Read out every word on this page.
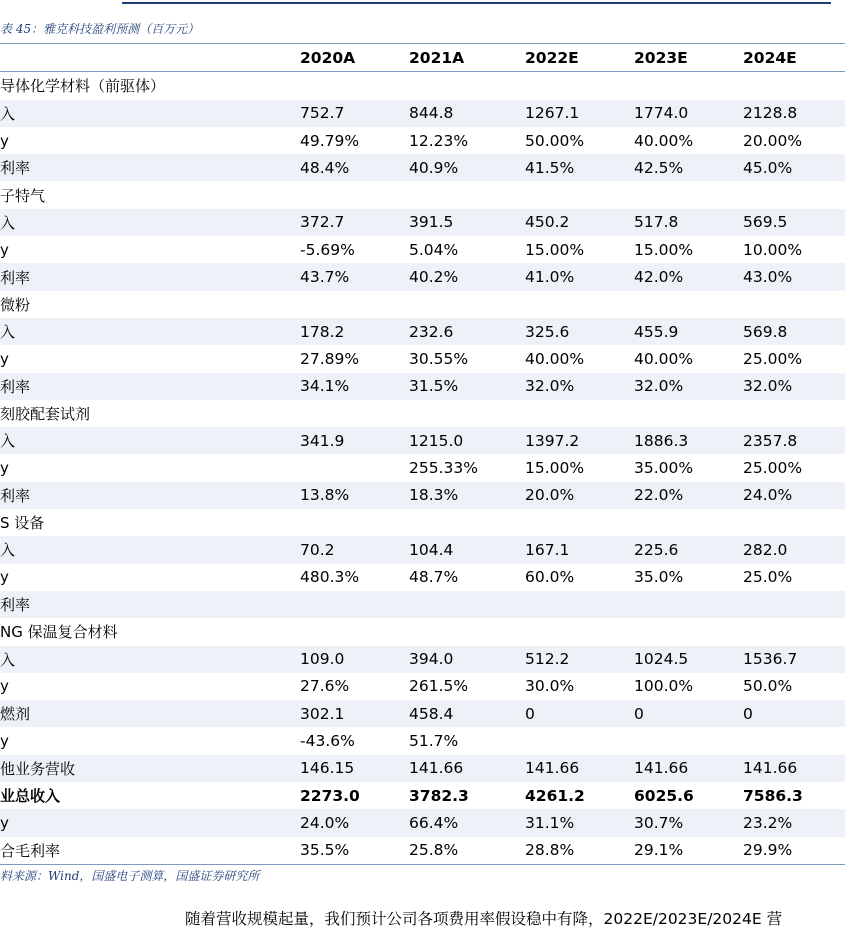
表 45：雅克科技盈利预测（百万元）
	2020A	2021A	2022E	2023E	2024E
导体化学材料（前驱体）					
入	752.7	844.8	1267.1	1774.0	2128.8
y	49.79%	12.23%	50.00%	40.00%	20.00%
利率	48.4%	40.9%	41.5%	42.5%	45.0%
子特气					
入	372.7	391.5	450.2	517.8	569.5
y	-5.69%	5.04%	15.00%	15.00%	10.00%
利率	43.7%	40.2%	41.0%	42.0%	43.0%
微粉					
入	178.2	232.6	325.6	455.9	569.8
y	27.89%	30.55%	40.00%	40.00%	25.00%
利率	34.1%	31.5%	32.0%	32.0%	32.0%
刻胶配套试剂					
入	341.9	1215.0	1397.2	1886.3	2357.8
y		255.33%	15.00%	35.00%	25.00%
利率	13.8%	18.3%	20.0%	22.0%	24.0%
S 设备					
入	70.2	104.4	167.1	225.6	282.0
y	480.3%	48.7%	60.0%	35.0%	25.0%
利率					
NG 保温复合材料					
入	109.0	394.0	512.2	1024.5	1536.7
y	27.6%	261.5%	30.0%	100.0%	50.0%
燃剂	302.1	458.4	0	0	0
y	-43.6%	51.7%			
他业务营收	146.15	141.66	141.66	141.66	141.66
业总收入	2273.0	3782.3	4261.2	6025.6	7586.3
y	24.0%	66.4%	31.1%	30.7%	23.2%
合毛利率	35.5%	25.8%	28.8%	29.1%	29.9%
料来源：Wind，国盛电子测算，国盛证券研究所
随着营收规模起量，我们预计公司各项费用率假设稳中有降，2022E/2023E/2024E 营
